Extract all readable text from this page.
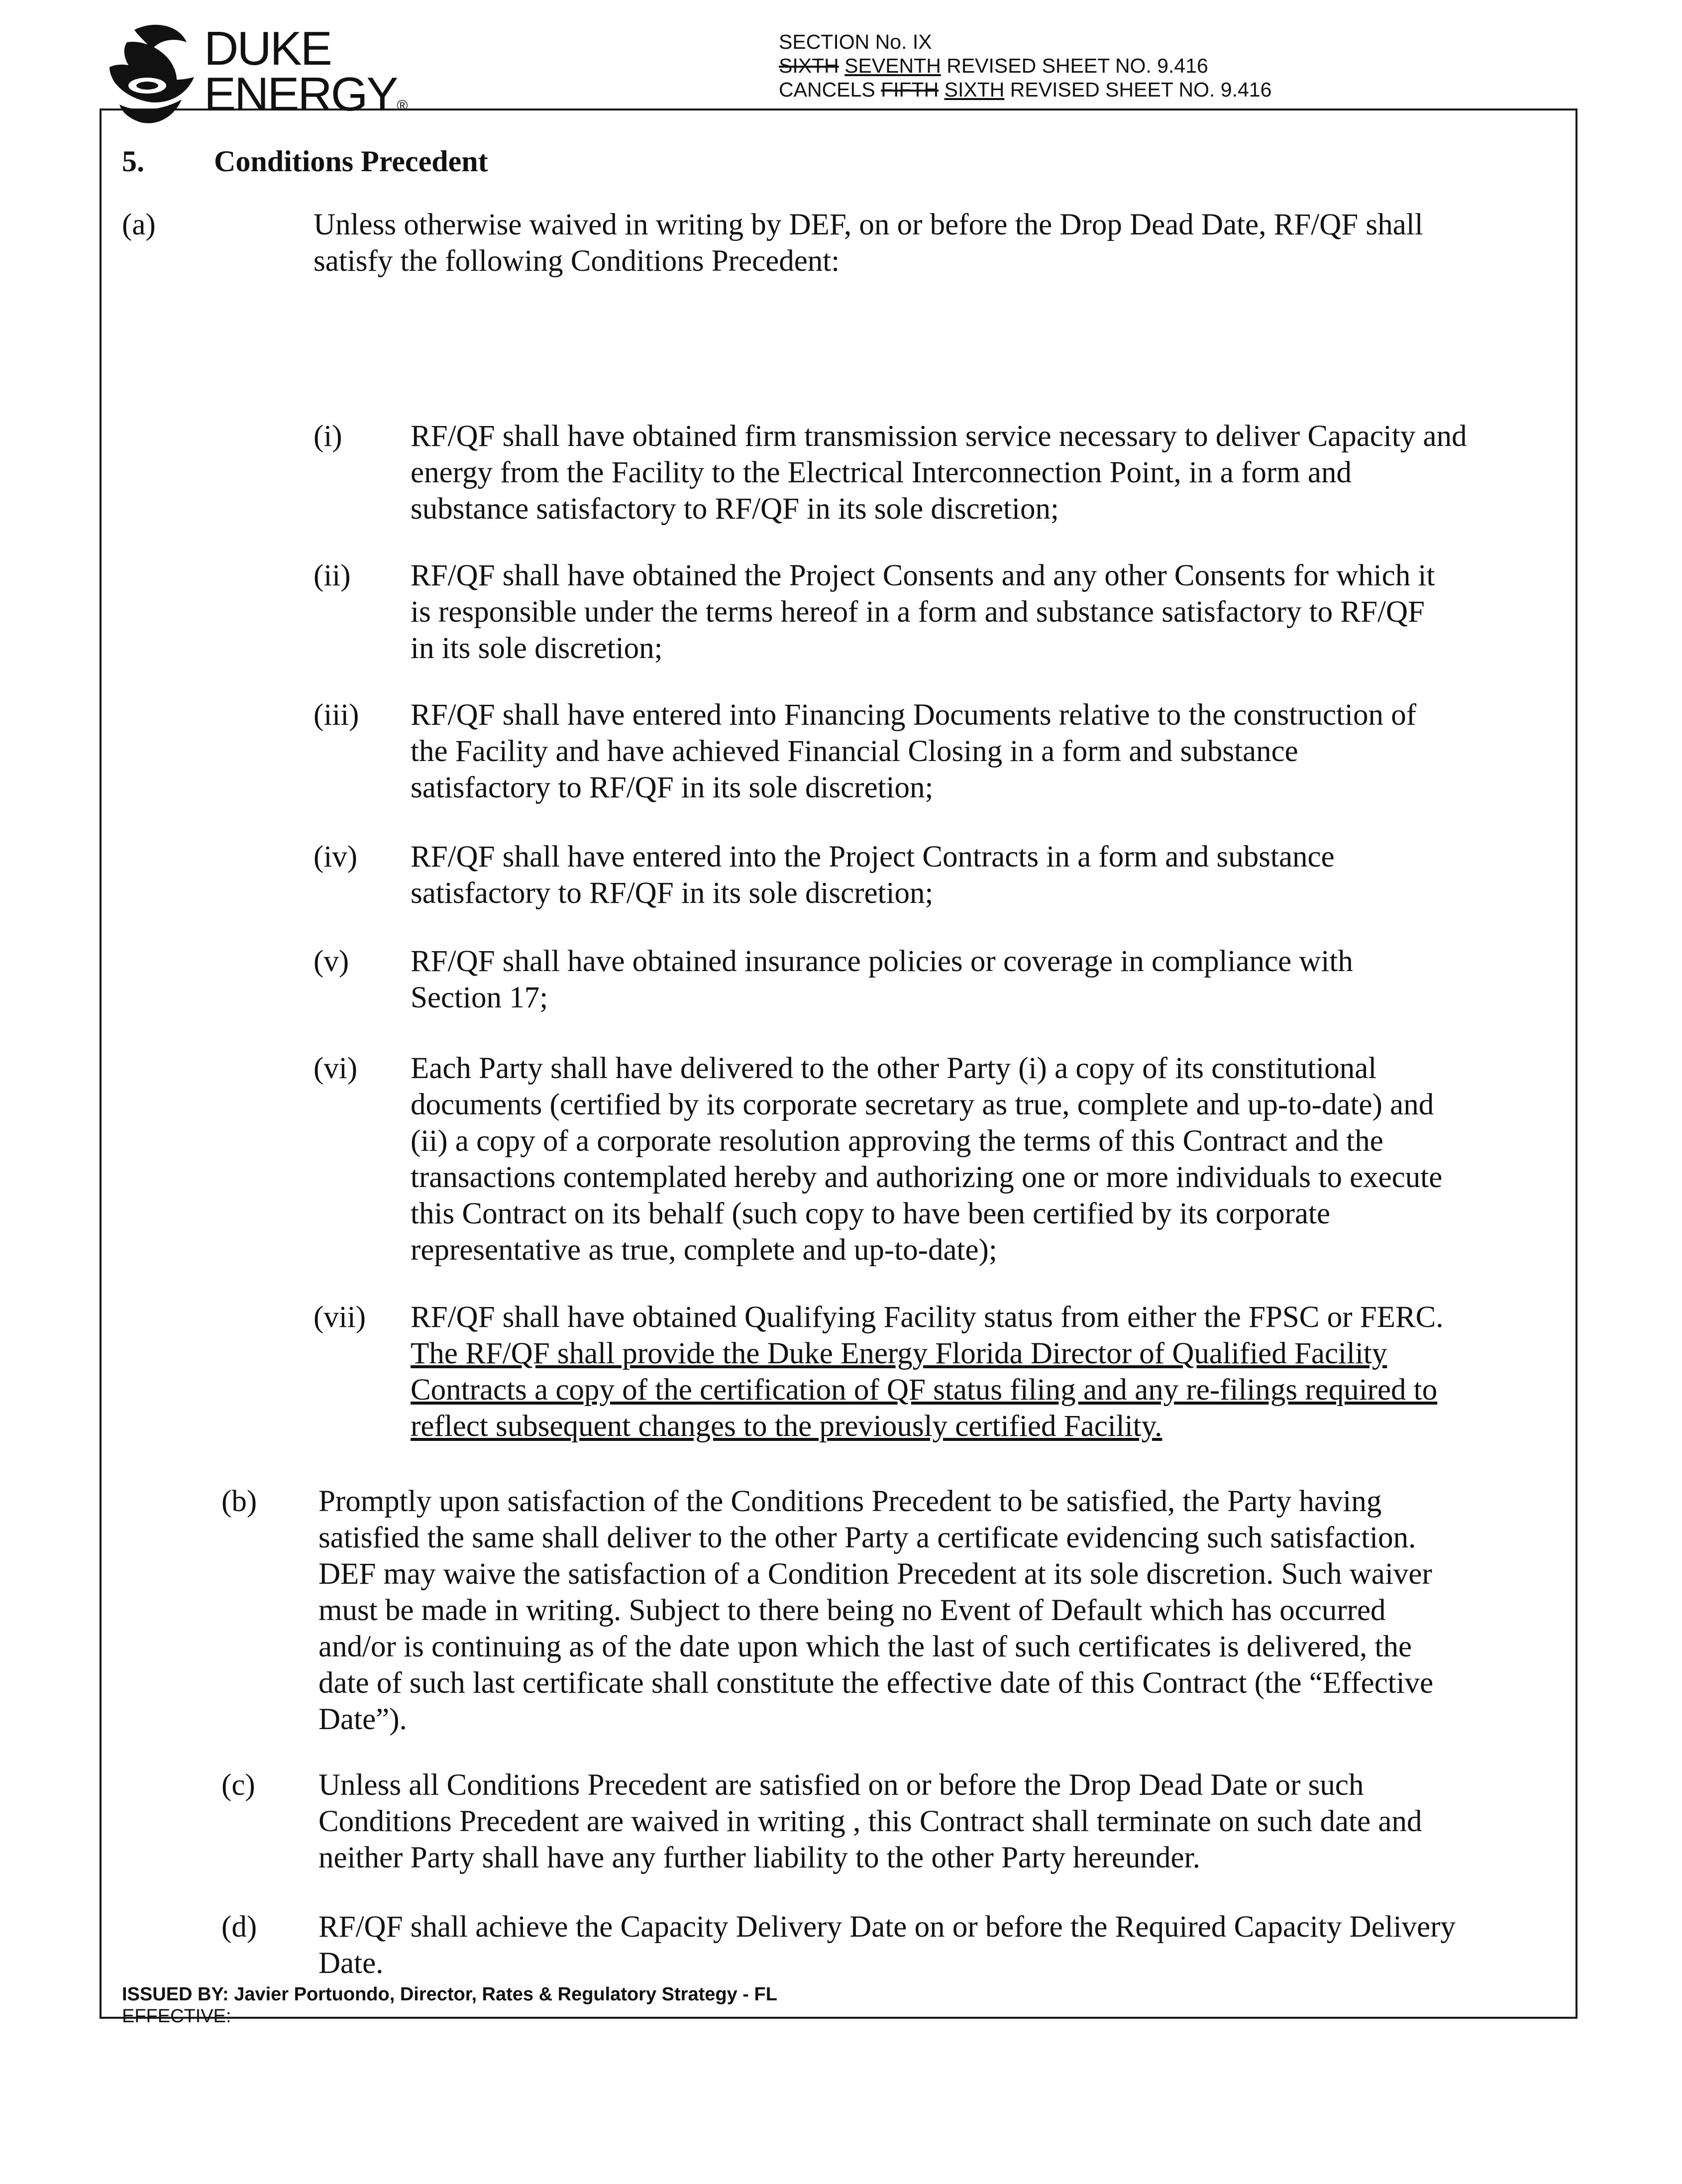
DUKE
ENERGY®
SECTION No. IX
SIXTH SEVENTH REVISED SHEET NO. 9.416
CANCELS FIFTH SIXTH REVISED SHEET NO. 9.416
5. Conditions Precedent
(a)	Unless otherwise waived in writing by DEF, on or before the Drop Dead Date, RF/QF shall satisfy the following Conditions Precedent:
(i) RF/QF shall have obtained firm transmission service necessary to deliver Capacity and energy from the Facility to the Electrical Interconnection Point, in a form and substance satisfactory to RF/QF in its sole discretion;
(ii) RF/QF shall have obtained the Project Consents and any other Consents for which it is responsible under the terms hereof in a form and substance satisfactory to RF/QF in its sole discretion;
(iii) RF/QF shall have entered into Financing Documents relative to the construction of the Facility and have achieved Financial Closing in a form and substance satisfactory to RF/QF in its sole discretion;
(iv) RF/QF shall have entered into the Project Contracts in a form and substance satisfactory to RF/QF in its sole discretion;
(v) RF/QF shall have obtained insurance policies or coverage in compliance with Section 17;
(vi) Each Party shall have delivered to the other Party (i) a copy of its constitutional documents (certified by its corporate secretary as true, complete and up-to-date) and (ii) a copy of a corporate resolution approving the terms of this Contract and the transactions contemplated hereby and authorizing one or more individuals to execute this Contract on its behalf (such copy to have been certified by its corporate representative as true, complete and up-to-date);
(vii) RF/QF shall have obtained Qualifying Facility status from either the FPSC or FERC. The RF/QF shall provide the Duke Energy Florida Director of Qualified Facility Contracts a copy of the certification of QF status filing and any re-filings required to reflect subsequent changes to the previously certified Facility.
(b) Promptly upon satisfaction of the Conditions Precedent to be satisfied, the Party having satisfied the same shall deliver to the other Party a certificate evidencing such satisfaction. DEF may waive the satisfaction of a Condition Precedent at its sole discretion. Such waiver must be made in writing. Subject to there being no Event of Default which has occurred and/or is continuing as of the date upon which the last of such certificates is delivered, the date of such last certificate shall constitute the effective date of this Contract (the “Effective Date”).
(c) Unless all Conditions Precedent are satisfied on or before the Drop Dead Date or such Conditions Precedent are waived in writing , this Contract shall terminate on such date and neither Party shall have any further liability to the other Party hereunder.
(d) RF/QF shall achieve the Capacity Delivery Date on or before the Required Capacity Delivery Date.
ISSUED BY: Javier Portuondo, Director, Rates & Regulatory Strategy - FL
EFFECTIVE:
